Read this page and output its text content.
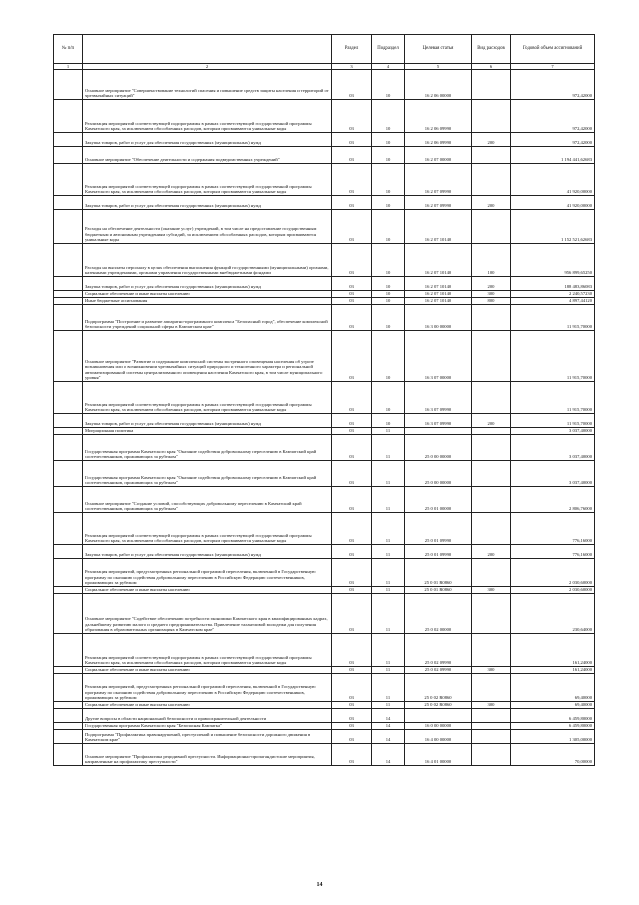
№ п/п		Раздел	Подраздел	Целевая статья	Вид расходов	Годовой объем ассигнований
1	2	3	4	5	6	7
	Основное мероприятие "Совершенствование технологий спасения и повышение средств защиты населения и территорий от чрезвычайных ситуаций"	03	10	16 2 06 00000		972,42000
	Реализация мероприятий соответствующей подпрограммы в рамках соответствующей государственной программы Камчатского края, за исключением обособленных расходов, которым присваиваются уникальные коды	03	10	16 2 06 09990		972,42000
	Закупка товаров, работ и услуг для обеспечения государственных (муниципальных) нужд	03	10	16 2 06 09990	200	972,42000
	Основное мероприятие "Обеспечение деятельности и содержания подведомственных учреждений"	03	10	16 2 07 00000		1 194 441,62683
	Реализация мероприятий соответствующей подпрограммы в рамках соответствующей государственной программы Камчатского края, за исключением обособленных расходов, которым присваиваются уникальные коды	03	10	16 2 07 09990		41 920,00000
	Закупка товаров, работ и услуг для обеспечения государственных (муниципальных) нужд	03	10	16 2 07 09990	200	41 920,00000
	Расходы на обеспечение деятельности (оказание услуг) учреждений, в том числе на предоставление государственным бюджетным и автономным учреждениям субсидий, за исключением обособленных расходов, которым присваиваются уникальные коды	03	10	16 2 07 10140		1 152 521,62683
	Расходы на выплаты персоналу в целях обеспечения выполнения функций государственными (муниципальными) органами, казенными учреждениями, органами управления государственными внебюджетными фондами	03	10	16 2 07 10140	100	956 899,65250
	Закупка товаров, работ и услуг для обеспечения государственных (муниципальных) нужд	03	10	16 2 07 10140	200	188 483,86083
	Социальное обеспечение и иные выплаты населению	03	10	16 2 07 10140	300	2 240,57230
	Иные бюджетные ассигнования	03	10	16 2 07 10140	800	4 897,44120
	Подпрограмма "Построение и развитие аппаратно-программного комплекса "Безопасный город", обеспечение комплексной безопасности учреждений социальной сферы в Камчатском крае"	03	10	16 3 00 00000		11 915,70000
	Основное мероприятие "Развитие и содержание комплексной системы экстренного оповещения населения об угрозе возникновения или о возникновении чрезвычайных ситуаций природного и техногенного характера и региональной автоматизированной системы централизованного оповещения населения Камчатского края, в том числе муниципального уровня"	03	10	16 3 07 00000		11 915,70000
	Реализация мероприятий соответствующей подпрограммы в рамках соответствующей государственной программы Камчатского края, за исключением обособленных расходов, которым присваиваются уникальные коды	03	10	16 3 07 09990		11 915,70000
	Закупка товаров, работ и услуг для обеспечения государственных (муниципальных) нужд	03	10	16 3 07 09990	200	11 915,70000
	Миграционная политика	03	11			3 037,40000
	Государственная программа Камчатского края "Оказание содействия добровольному переселению в Камчатский край соотечественников, проживающих за рубежом"	03	11	25 0 00 00000		3 037,40000
	Государственная программа Камчатского края "Оказание содействия добровольному переселению в Камчатский край соотечественников, проживающих за рубежом"	03	11	25 0 00 00000		3 037,40000
	Основное мероприятие "Создание условий, способствующих добровольному переселению в Камчатский край соотечественников, проживающих за рубежом"	03	11	25 0 01 00000		2 806,76000
	Реализация мероприятий соответствующей подпрограммы в рамках соответствующей государственной программы Камчатского края, за исключением обособленных расходов, которым присваиваются уникальные коды	03	11	25 0 01 09990		776,16000
	Закупка товаров, работ и услуг для обеспечения государственных (муниципальных) нужд	03	11	25 0 01 09990	200	776,16000
	Реализация мероприятий, предусмотренных региональной программой переселения, включенной в Государственную программу по оказанию содействия добровольному переселению в Российскую Федерацию соотечественников, проживающих за рубежом	03	11	25 0 01 R0860		2 030,60000
	Социальное обеспечение и иные выплаты населению	03	11	25 0 01 R0860	300	2 030,60000
	Основное мероприятие "Содействие обеспечению потребности экономики Камчатского края в квалифицированных кадрах, дальнейшему развитию малого и среднего предпринимательства. Привлечение талантливой молодежи для получения образования в образовательных организациях в Камчатском крае"	03	11	25 0 02 00000		230,64000
	Реализация мероприятий соответствующей подпрограммы в рамках соответствующей государственной программы Камчатского края, за исключением обособленных расходов, которым присваиваются уникальные коды	03	11	25 0 02 09990		161,24000
	Социальное обеспечение и иные выплаты населению	03	11	25 0 02 09990	300	161,24000
	Реализация мероприятий, предусмотренных региональной программой переселения, включенной в Государственную программу по оказанию содействия добровольному переселению в Российскую Федерацию соотечественников, проживающих за рубежом	03	11	25 0 02 R0860		69,40000
	Социальное обеспечение и иные выплаты населению	03	11	25 0 02 R0860	300	69,40000
	Другие вопросы в области национальной безопасности и правоохранительной деятельности	03	14			6 459,80000
	Государственная программа Камчатского края "Безопасная Камчатка"	03	14	16 0 00 00000		6 459,80000
	Подпрограмма "Профилактика правонарушений, преступлений и повышение безопасности дорожного движения в Камчатском крае"	03	14	16 4 00 00000		1 305,00000
	Основное мероприятие "Профилактика рецидивной преступности. Информационно-пропагандистские мероприятия, направленные на профилактику преступности"	03	14	16 4 01 00000		70,00000
14
